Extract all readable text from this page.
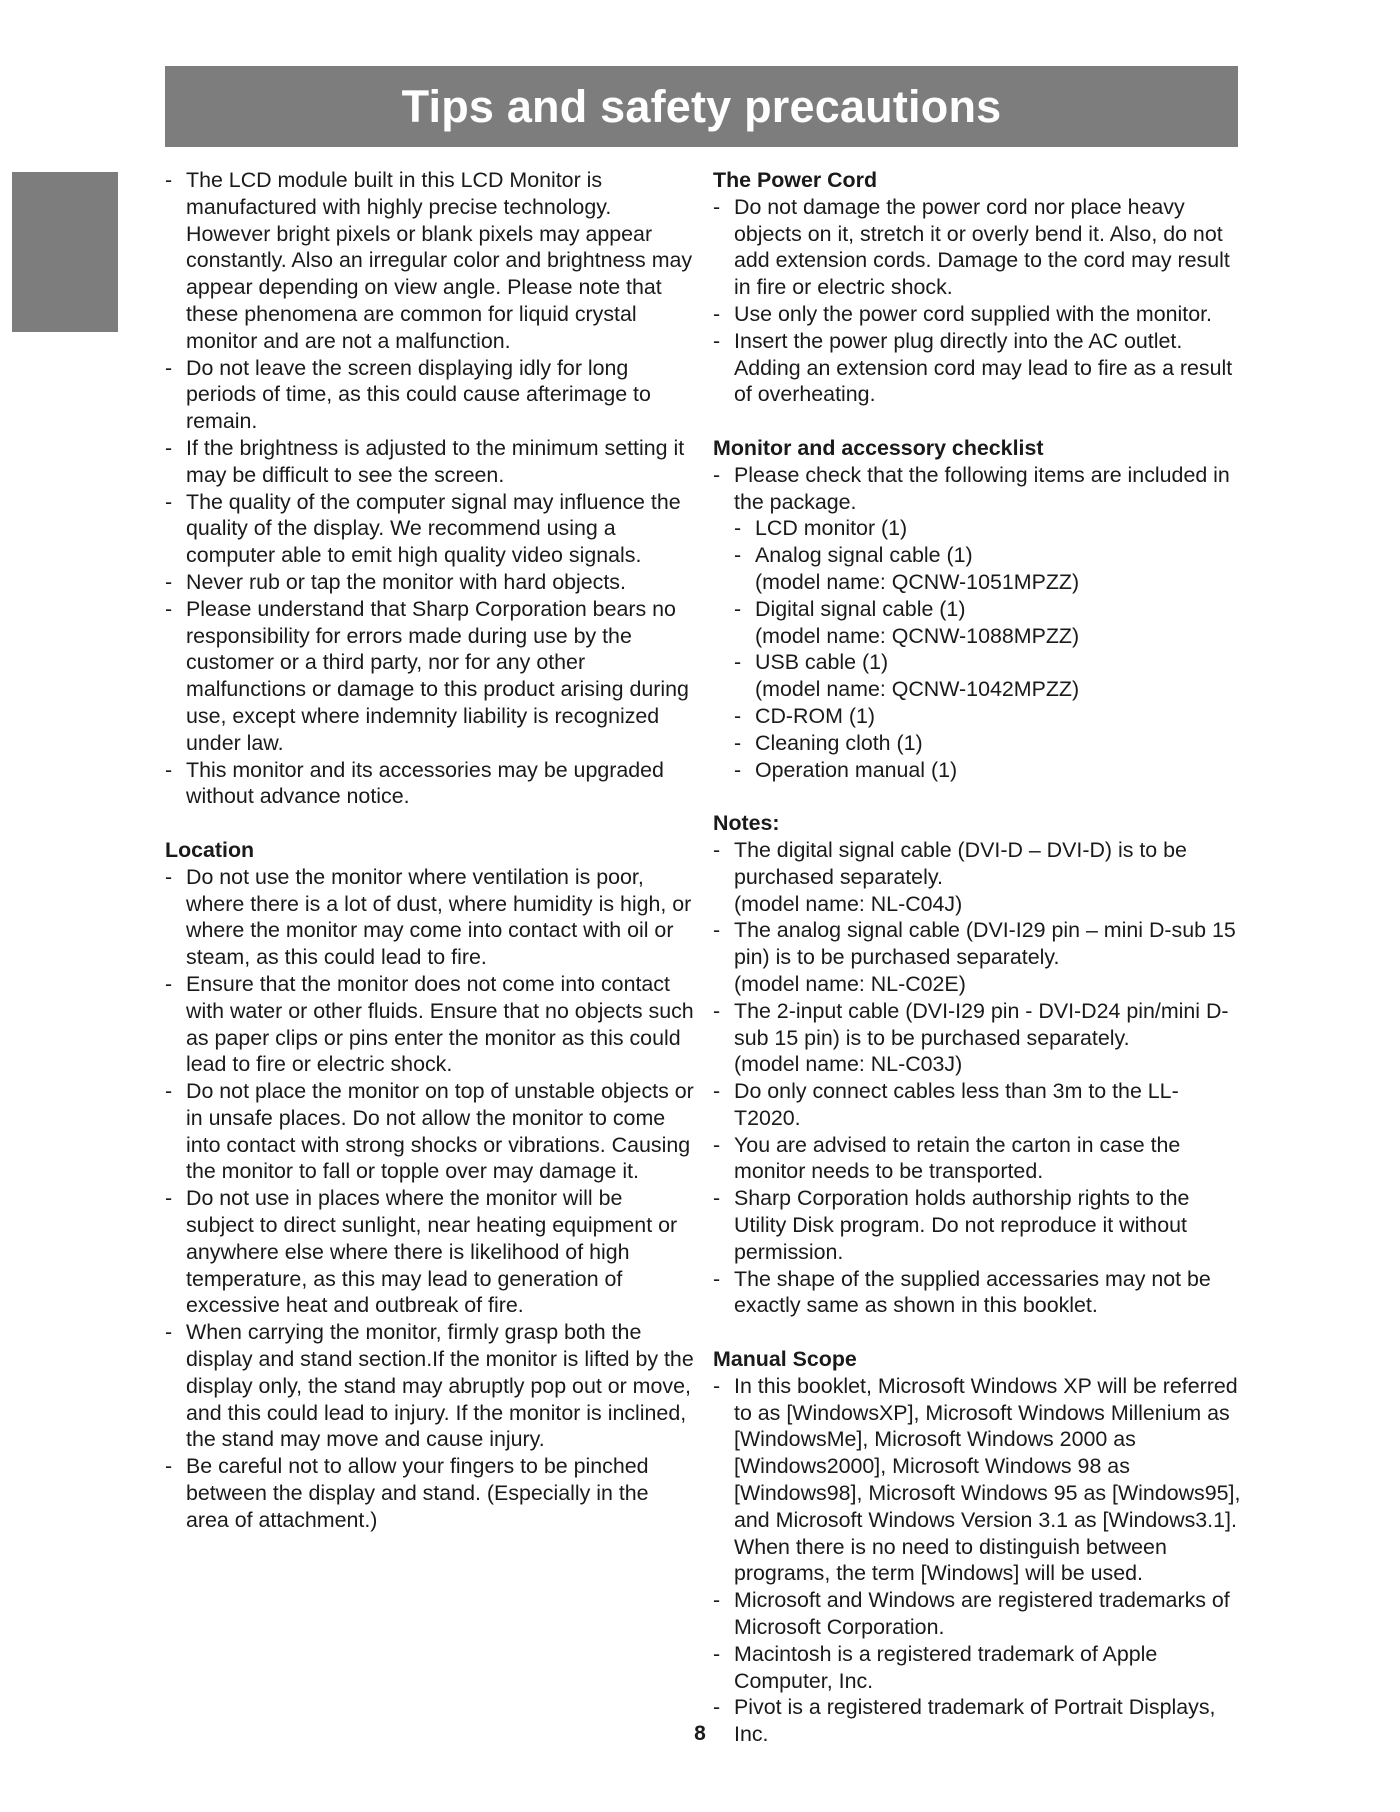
Tips and safety precautions
- The LCD module built in this LCD Monitor is manufactured with highly precise technology. However bright pixels or blank pixels may appear constantly. Also an irregular color and brightness may appear depending on view angle. Please note that these phenomena are common for liquid crystal monitor and are not a malfunction.
- Do not leave the screen displaying idly for long periods of time, as this could cause afterimage to remain.
- If the brightness is adjusted to the minimum setting it may be difficult to see the screen.
- The quality of the computer signal may influence the quality of the display. We recommend using a computer able to emit high quality video signals.
- Never rub or tap the monitor with hard objects.
- Please understand that Sharp Corporation bears no responsibility for errors made during use by the customer or a third party, nor for any other malfunctions or damage to this product arising during use, except where indemnity liability is recognized under law.
- This monitor and its accessories may be upgraded without advance notice.

Location

- Do not use the monitor where ventilation is poor, where there is a lot of dust, where humidity is high, or where the monitor may come into contact with oil or steam, as this could lead to fire.
- Ensure that the monitor does not come into contact with water or other fluids. Ensure that no objects such as paper clips or pins enter the monitor as this could lead to fire or electric shock.
- Do not place the monitor on top of unstable objects or in unsafe places. Do not allow the monitor to come into contact with strong shocks or vibrations. Causing the monitor to fall or topple over may damage it.
- Do not use in places where the monitor will be subject to direct sunlight, near heating equipment or anywhere else where there is likelihood of high temperature, as this may lead to generation of excessive heat and outbreak of fire.
- When carrying the monitor, firmly grasp both the display and stand section.If the monitor is lifted by the display only, the stand may abruptly pop out or move, and this could lead to injury. If the monitor is inclined, the stand may move and cause injury.
- Be careful not to allow your fingers to be pinched between the display and stand. (Especially in the area of attachment.)

The Power Cord

- Do not damage the power cord nor place heavy objects on it, stretch it or overly bend it. Also, do not add extension cords. Damage to the cord may result in fire or electric shock.
- Use only the power cord supplied with the monitor.
- Insert the power plug directly into the AC outlet. Adding an extension cord may lead to fire as a result of overheating.

Monitor and accessory checklist

- Please check that the following items are included in the package.
- LCD monitor (1)
- Analog signal cable (1)
(model name: QCNW-1051MPZZ)
- Digital signal cable (1)
(model name: QCNW-1088MPZZ)
- USB cable (1)
(model name: QCNW-1042MPZZ)
- CD-ROM (1)
- Cleaning cloth (1)
- Operation manual (1)

Notes:

- The digital signal cable (DVI-D – DVI-D) is to be purchased separately.
(model name: NL-C04J)
- The analog signal cable (DVI-I29 pin – mini D-sub 15 pin) is to be purchased separately.
(model name: NL-C02E)
- The 2-input cable (DVI-I29 pin - DVI-D24 pin/mini D-sub 15 pin) is to be purchased separately.
(model name: NL-C03J)
- Do only connect cables less than 3m to the LL-T2020.
- You are advised to retain the carton in case the monitor needs to be transported.
- Sharp Corporation holds authorship rights to the Utility Disk program. Do not reproduce it without permission.
- The shape of the supplied accessaries may not be exactly same as shown in this booklet.

Manual Scope

- In this booklet, Microsoft Windows XP will be referred to as [WindowsXP], Microsoft Windows Millenium as [WindowsMe], Microsoft Windows 2000 as [Windows2000], Microsoft Windows 98 as [Windows98], Microsoft Windows 95 as [Windows95], and Microsoft Windows Version 3.1 as [Windows3.1]. When there is no need to distinguish between programs, the term [Windows] will be used.
- Microsoft and Windows are registered trademarks of Microsoft Corporation.
- Macintosh is a registered trademark of Apple Computer, Inc.
- Pivot is a registered trademark of Portrait Displays, Inc.
8
